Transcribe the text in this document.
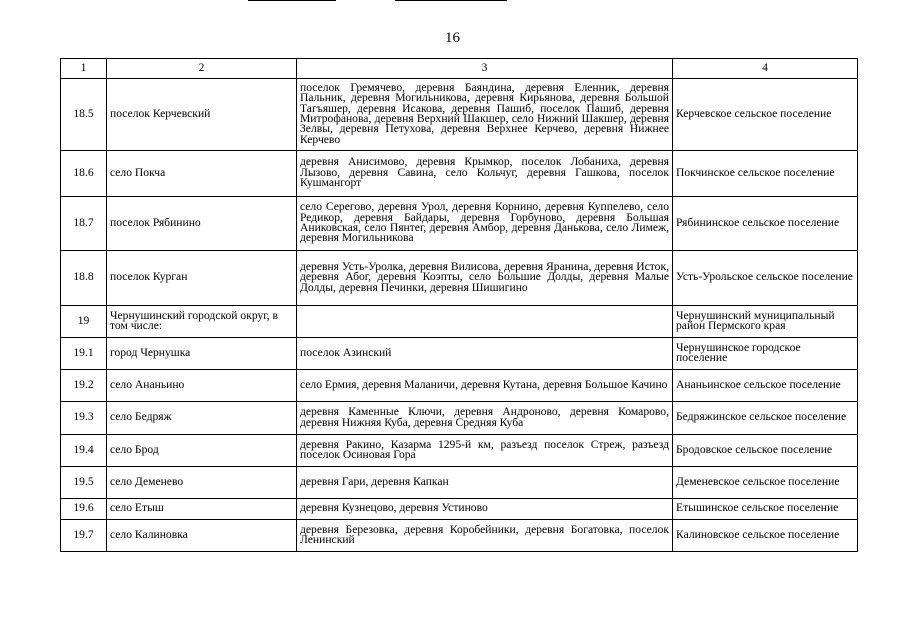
16
1	2	3	4
18.5	поселок Керчевский	поселок Гремячево, деревня Баяндина, деревня Еленник, деревня Пальник, деревня Могильникова, деревня Кирьянова, деревня Большой Тагъяшер, деревня Исакова, деревня Пашиб, поселок Пашиб, деревня Митрофанова, деревня Верхний Шакшер, село Нижний Шакшер, деревня Зелвы, деревня Петухова, деревня Верхнее Керчево, деревня Нижнее Керчево	Керчевское сельское поселение
18.6	село Покча	деревня Анисимово, деревня Крымкор, поселок Лобаниха, деревня Лызово, деревня Савина, село Кольчуг, деревня Гашкова, поселок Кушмангорт	Покчинское сельское поселение
18.7	поселок Рябинино	село Серегово, деревня Урол, деревня Корнино, деревня Куппелево, село Редикор, деревня Байдары, деревня Горбуново, деревня Большая Аниковская, село Пянтег, деревня Амбор, деревня Данькова, село Лимеж, деревня Могильникова	Рябининское сельское поселение
18.8	поселок Курган	деревня Усть-Уролка, деревня Вилисова, деревня Яранина, деревня Исток, деревня Абог, деревня Коэпты, село Большие Долды, деревня Малые Долды, деревня Печинки, деревня Шишигино	Усть-Урольское сельское поселение
19	Чернушинский городской округ, в том числе:		Чернушинский муниципальный район Пермского края
19.1	город Чернушка	поселок Азинский	Чернушинское городское поселение
19.2	село Ананьино	село Ермия, деревня Маланичи, деревня Кутана, деревня Большое Качино	Ананьинское сельское поселение
19.3	село Бедряж	деревня Каменные Ключи, деревня Андроново, деревня Комарово, деревня Нижняя Куба, деревня Средняя Куба	Бедряжинское сельское поселение
19.4	село Брод	деревня Ракино, Казарма 1295-й км, разъезд поселок Стреж, разъезд поселок Осиновая Гора	Бродовское сельское поселение
19.5	село Деменево	деревня Гари, деревня Капкан	Деменевское сельское поселение
19.6	село Етыш	деревня Кузнецово, деревня Устиново	Етышинское сельское поселение
19.7	село Калиновка	деревня Березовка, деревня Коробейники, деревня Богатовка, поселок Ленинский	Калиновское сельское поселение
